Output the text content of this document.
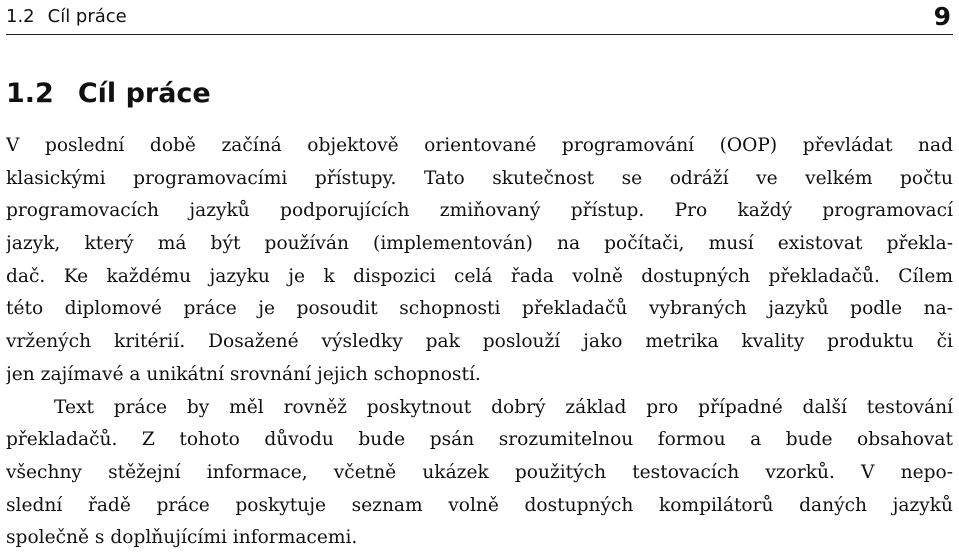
1.2 Cíl práce	9
1.2 Cíl práce
V poslední době začíná objektově orientované programování (OOP) převládat nad
klasickými programovacími přístupy. Tato skutečnost se odráží ve velkém počtu
programovacích jazyků podporujících zmiňovaný přístup. Pro každý programovací
jazyk, který má být používán (implementován) na počítači, musí existovat překla-
dač. Ke každému jazyku je k dispozici celá řada volně dostupných překladačů. Cílem
této diplomové práce je posoudit schopnosti překladačů vybraných jazyků podle na-
vržených kritérií. Dosažené výsledky pak poslouží jako metrika kvality produktu či
jen zajímavé a unikátní srovnání jejich schopností.
Text práce by měl rovněž poskytnout dobrý základ pro případné další testování
překladačů. Z tohoto důvodu bude psán srozumitelnou formou a bude obsahovat
všechny stěžejní informace, včetně ukázek použitých testovacích vzorků. V nepo-
slední řadě práce poskytuje seznam volně dostupných kompilátorů daných jazyků
společně s doplňujícími informacemi.
